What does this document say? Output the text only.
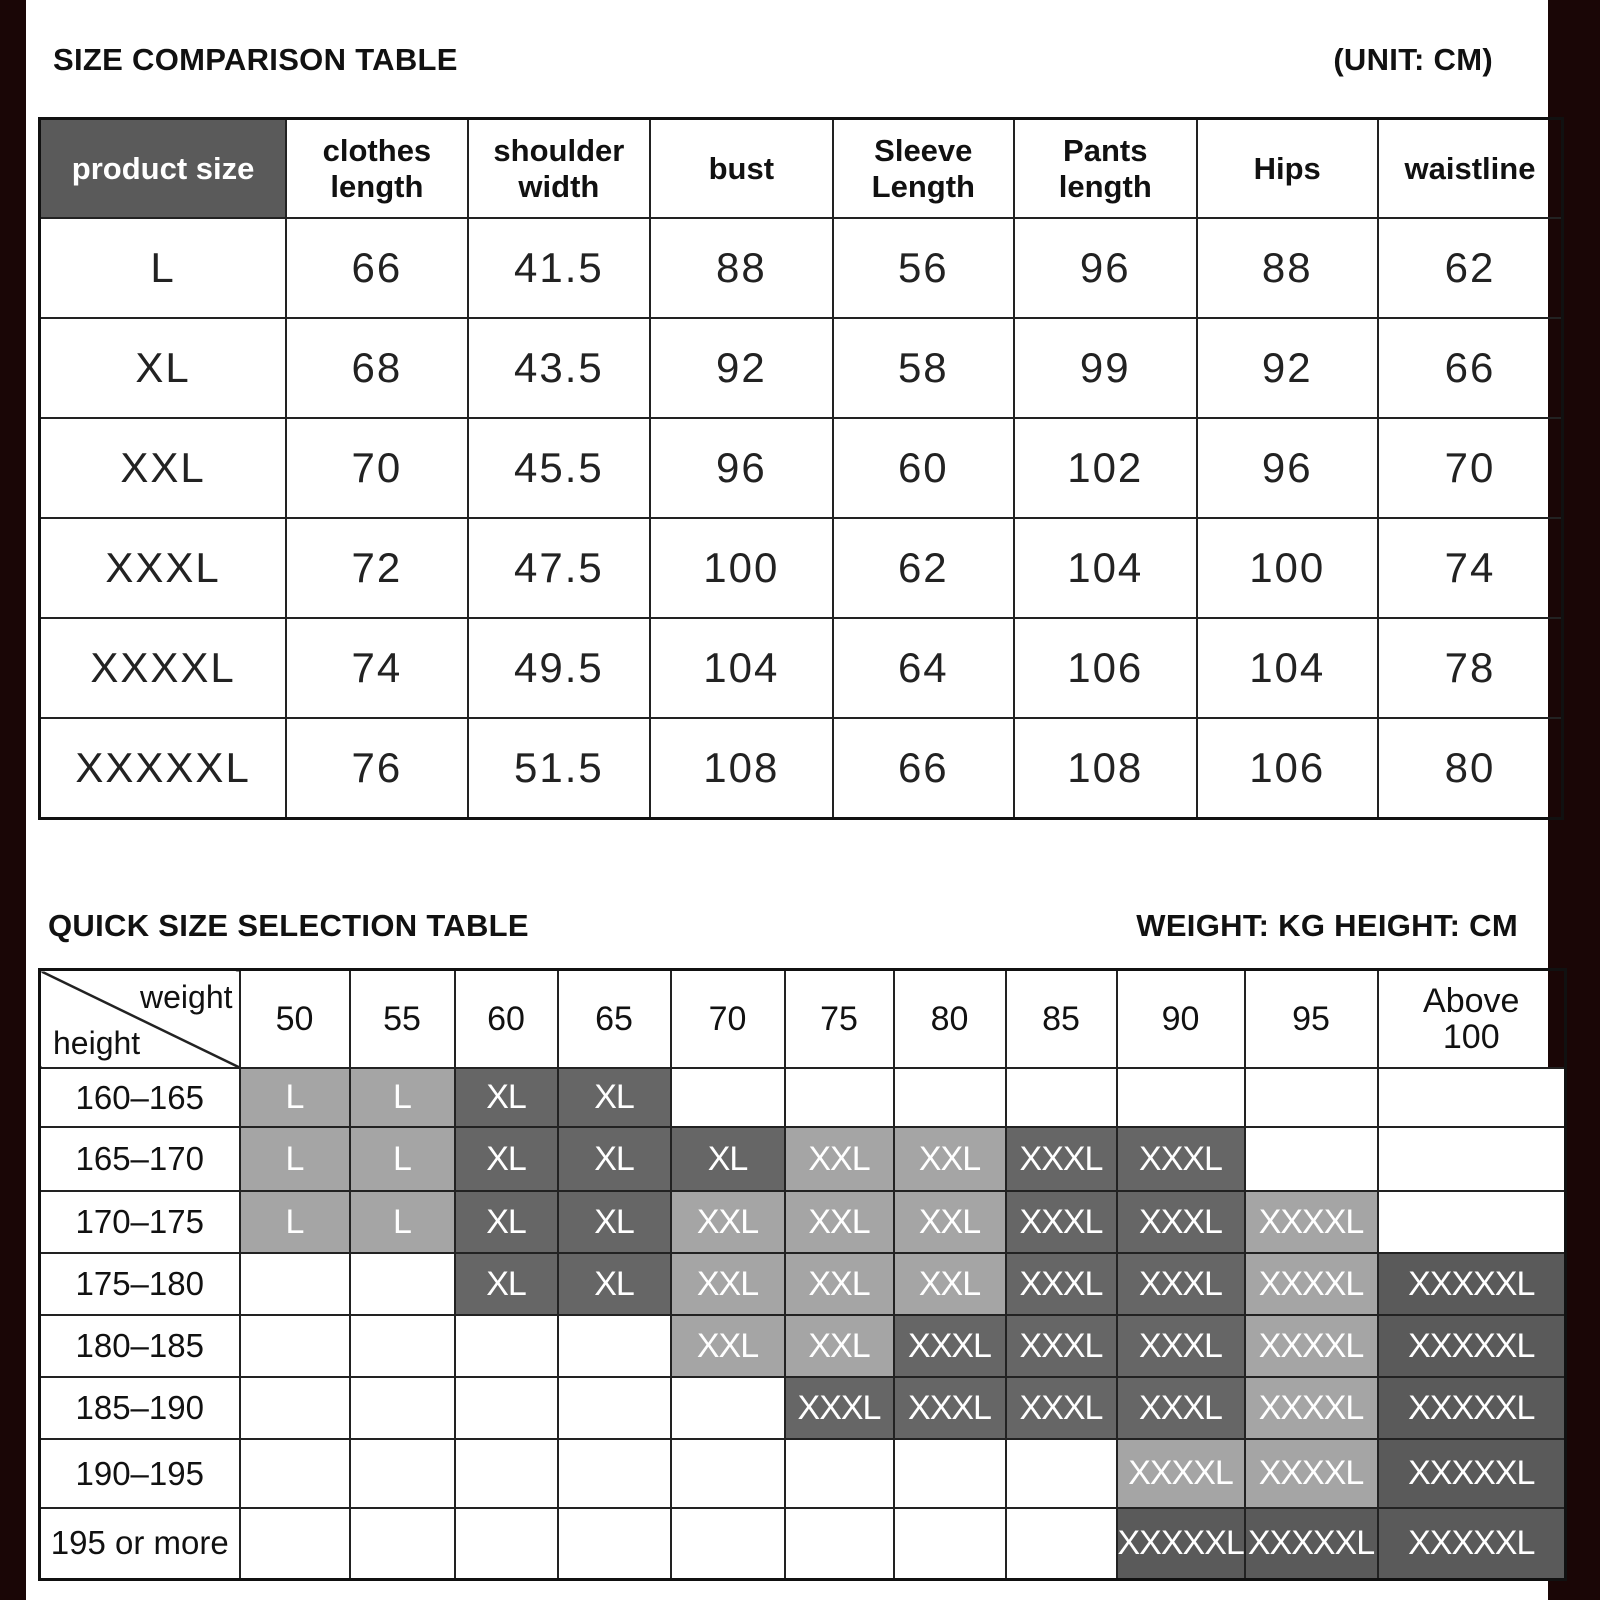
SIZE COMPARISON TABLE	(UNIT: CM)
product size	clothes length	shoulder width	bust	Sleeve Length	Pants length	Hips	waistline
L	66	41.5	88	56	96	88	62
XL	68	43.5	92	58	99	92	66
XXL	70	45.5	96	60	102	96	70
XXXL	72	47.5	100	62	104	100	74
XXXXL	74	49.5	104	64	106	104	78
XXXXXL	76	51.5	108	66	108	106	80
QUICK SIZE SELECTION TABLE	WEIGHT: KG HEIGHT: CM
weight
height	50	55	60	65	70	75	80	85	90	95	Above 100
160–165	L	L	XL	XL							
165–170	L	L	XL	XL	XL	XXL	XXL	XXXL	XXXL		
170–175	L	L	XL	XL	XXL	XXL	XXL	XXXL	XXXL	XXXXL	
175–180			XL	XL	XXL	XXL	XXL	XXXL	XXXL	XXXXL	XXXXXL
180–185					XXL	XXL	XXXL	XXXL	XXXL	XXXXL	XXXXXL
185–190						XXXL	XXXL	XXXL	XXXL	XXXXL	XXXXXL
190–195									XXXXL	XXXXL	XXXXXL
195 or more									XXXXXL	XXXXXL	XXXXXL
